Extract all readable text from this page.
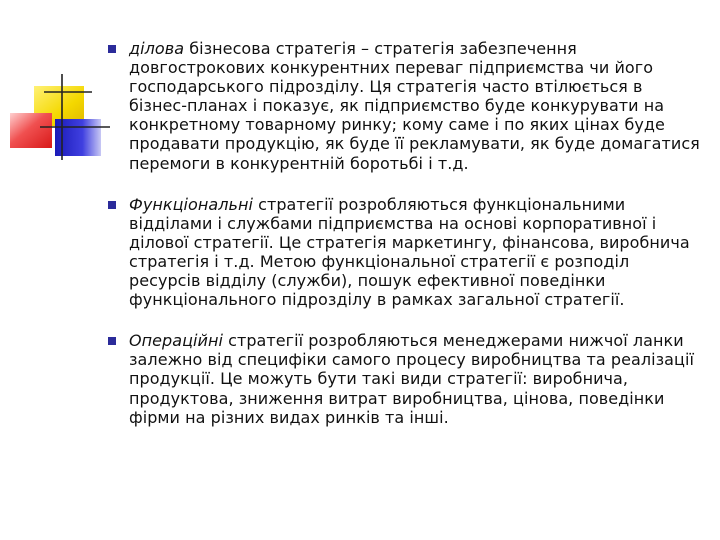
ділова бізнесова стратегія – стратегія забезпечення довгострокових конкурентних переваг підприємства чи його господарського підрозділу. Ця стратегія часто втілюється в бізнес-планах і показує, як підприємство буде конкурувати на конкретному товарному ринку; кому саме і по яких цінах буде продавати продукцію, як буде її рекламувати, як буде домагатися перемоги в конкурентній боротьбі і т.д.
Функціональні стратегії розробляються функціональними відділами і службами підприємства на основі корпоративної і ділової стратегії. Це стратегія маркетингу, фінансова, виробнича стратегія і т.д. Метою функціональної стратегії є розподіл ресурсів відділу (служби), пошук ефективної поведінки функціонального підрозділу в рамках загальної стратегії.
Операційні стратегії розробляються менеджерами нижчої ланки залежно від специфіки самого процесу виробництва та реалізації продукції. Це можуть бути такі види стратегії: виробнича, продуктова, зниження витрат виробництва, цінова, поведінки фірми на різних видах ринків та інші.
